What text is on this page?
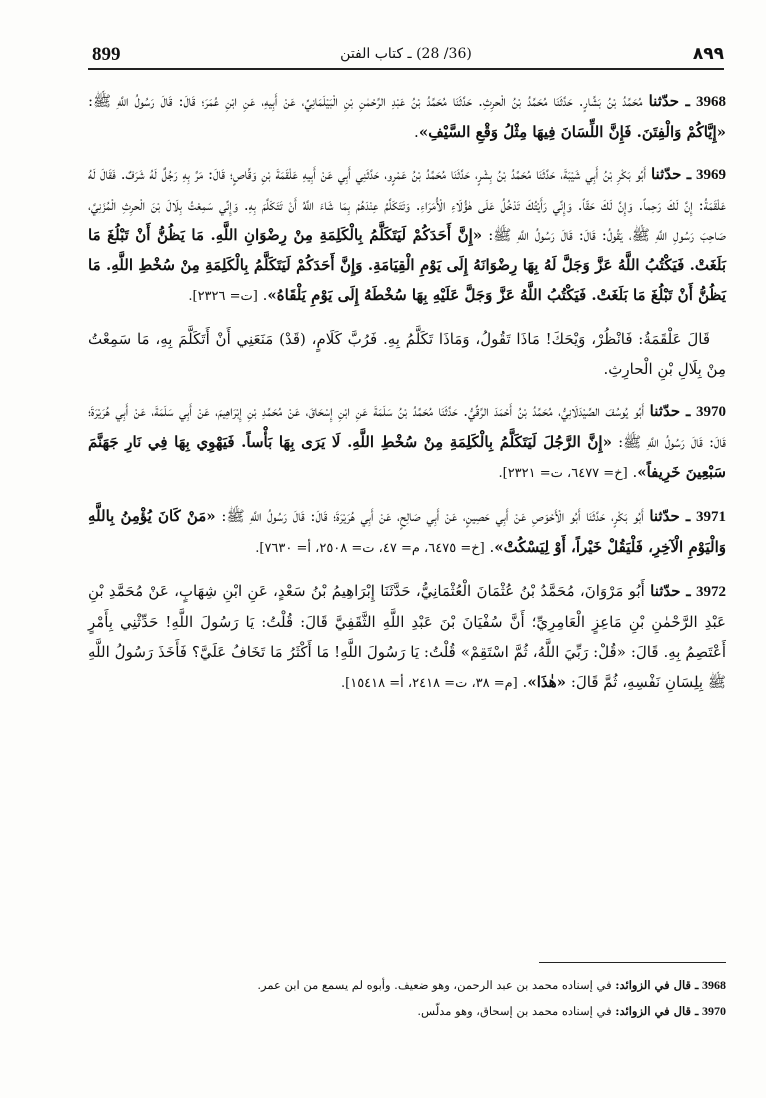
899	(36/ 28) ـ كتاب الفتن	٨٩٩

3968 ـ حدّثنا مُحَمَّدُ بْنُ بَشَّارٍ. حَدَّثَنَا مُحَمَّدُ بْنُ الْحرِثِ. حَدَّثَنَا مُحَمَّدُ بْنُ عَبْدِ الرَّحْمٰنِ بْنِ الْبَيْلَمَانِيِّ، عَنْ أَبِيهِ، عَنِ ابْنِ عُمَرَ؛ قَالَ: قَالَ رَسُولُ اللَّهِ ﷺ: «إِيَّاكُمْ وَالْفِتَنَ. فَإِنَّ اللِّسَانَ فِيهَا مِثْلُ وَقْعِ السَّيْفِ».

3969 ـ حدّثنا أَبُو بَكْرِ بْنُ أَبِي شَيْبَةَ، حَدَّثَنَا مُحَمَّدُ بْنُ بِشْرٍ، حَدَّثَنَا مُحَمَّدُ بْنُ عَمْرٍو، حَدَّثَنِي أَبِي عَنْ أَبِيهِ عَلْقَمَةَ بْنِ وَقَّاصٍ؛ قَالَ: مَرَّ بِهِ رَجُلٌ لَهُ شَرَفٌ. فَقَالَ لَهُ عَلْقَمَةُ: إِنَّ لَكَ رَحِماً. وَإِنَّ لَكَ حَقّاً. وَإِنِّي رَأَيْتُكَ تَدْخُلُ عَلَى هٰؤُلَاءِ الْأُمَرَاءِ. وَتَتَكَلَّمُ عِنْدَهُمْ بِمَا شَاءَ اللَّهُ أَنْ تَتَكَلَّمَ بِهِ. وَإِنِّي سَمِعْتُ بِلَالَ بْنَ الْحرِثِ الْمُزَنِيَّ، صَاحِبَ رَسُولِ اللَّهِ ﷺ، يَقُولُ: قَالَ: قَالَ رَسُولُ اللَّهِ ﷺ: «إِنَّ أَحَدَكُمْ لَيَتَكَلَّمُ بِالْكَلِمَةِ مِنْ رِضْوَانِ اللَّهِ. مَا يَظُنُّ أَنْ تَبْلُغَ مَا بَلَغَتْ. فَيَكْتُبُ اللَّهُ عَزَّ وَجَلَّ لَهُ بِهَا رِضْوَانَهُ إِلَى يَوْمِ الْقِيَامَةِ. وَإِنَّ أَحَدَكُمْ لَيَتَكَلَّمُ بِالْكَلِمَةِ مِنْ سُخْطِ اللَّهِ. مَا يَظُنُّ أَنْ تَبْلُغَ مَا بَلَغَتْ. فَيَكْتُبُ اللَّهُ عَزَّ وَجَلَّ عَلَيْهِ بِهَا سُخْطَهُ إِلَى يَوْمِ يَلْقَاهُ». [ت= ٢٣٢٦].

قَالَ عَلْقَمَةُ: فَانْظُرْ، وَيْحَكَ! مَاذَا تَقُولُ، وَمَاذَا تَكَلَّمُ بِهِ. فَرُبَّ كَلَامٍ، (قَدْ) مَنَعَنِي أَنْ أَتَكَلَّمَ بِهِ، مَا سَمِعْتُ مِنْ بِلَالِ بْنِ الْحارِثِ.

3970 ـ حدّثنا أَبُو يُوسُفَ الصَّيْدَلَانِيُّ، مُحَمَّدُ بْنُ أَحْمَدَ الرَّقِّيُّ. حَدَّثَنَا مُحَمَّدُ بْنُ سَلَمَةَ عَنِ ابْنِ إِسْحَاقَ، عَنْ مُحَمَّدِ بْنِ إِبْرَاهِيمَ، عَنْ أَبِي سَلَمَةَ، عَنْ أَبِي هُرَيْرَةَ؛ قَالَ: قَالَ رَسُولُ اللَّهِ ﷺ: «إِنَّ الرَّجُلَ لَيَتَكَلَّمُ بِالْكَلِمَةِ مِنْ سُخْطِ اللَّهِ. لَا يَرَى بِهَا بَأْساً. فَيَهْوِي بِهَا فِي نَارِ جَهَنَّمَ سَبْعِينَ خَرِيفاً». [خ= ٦٤٧٧، ت= ٢٣٢١].

3971 ـ حدّثنا أَبُو بَكْرٍ، حَدَّثَنَا أَبُو الْأَحْوَصِ عَنْ أَبِي حَصِينٍ، عَنْ أَبِي صَالِحٍ، عَنْ أَبِي هُرَيْرَةَ؛ قَالَ: قَالَ رَسُولُ اللَّهِ ﷺ: «مَنْ كَانَ يُؤْمِنُ بِاللَّهِ وَالْيَوْمِ الْآخِرِ، فَلْيَقُلْ خَيْراً، أَوْ لِيَسْكُتْ». [خ= ٦٤٧٥، م= ٤٧، ت= ٢٥٠٨، أ= ٧٦٣٠].

3972 ـ حدّثنا أَبُو مَرْوَانَ، مُحَمَّدُ بْنُ عُثْمَانَ الْعُثْمَانِيُّ، حَدَّثَنَا إِبْرَاهِيمُ بْنُ سَعْدٍ، عَنِ ابْنِ شِهَابٍ، عَنْ مُحَمَّدِ بْنِ عَبْدِ الرَّحْمٰنِ بْنِ مَاعِزٍ الْعَامِرِيِّ؛ أَنَّ سُفْيَانَ بْنَ عَبْدِ اللَّهِ الثَّقَفِيَّ قَالَ: قُلْتُ: يَا رَسُولَ اللَّهِ! حَدِّثْنِي بِأَمْرٍ أَعْتَصِمُ بِهِ. قَالَ: «قُلْ: رَبِّيَ اللَّهُ، ثُمَّ اسْتَقِمْ» قُلْتُ: يَا رَسُولَ اللَّهِ! مَا أَكْثَرُ مَا تَخَافُ عَلَيَّ؟ فَأَخَذَ رَسُولُ اللَّهِ ﷺ بِلِسَانِ نَفْسِهِ، ثُمَّ قَالَ: «هٰذَا». [م= ٣٨، ت= ٢٤١٨، أ= ١٥٤١٨].

3968 ـ قال في الزوائد: في إسناده محمد بن عبد الرحمن، وهو ضعيف. وأبوه لم يسمع من ابن عمر.
3970 ـ قال في الزوائد: في إسناده محمد بن إسحاق، وهو مدلّس.
